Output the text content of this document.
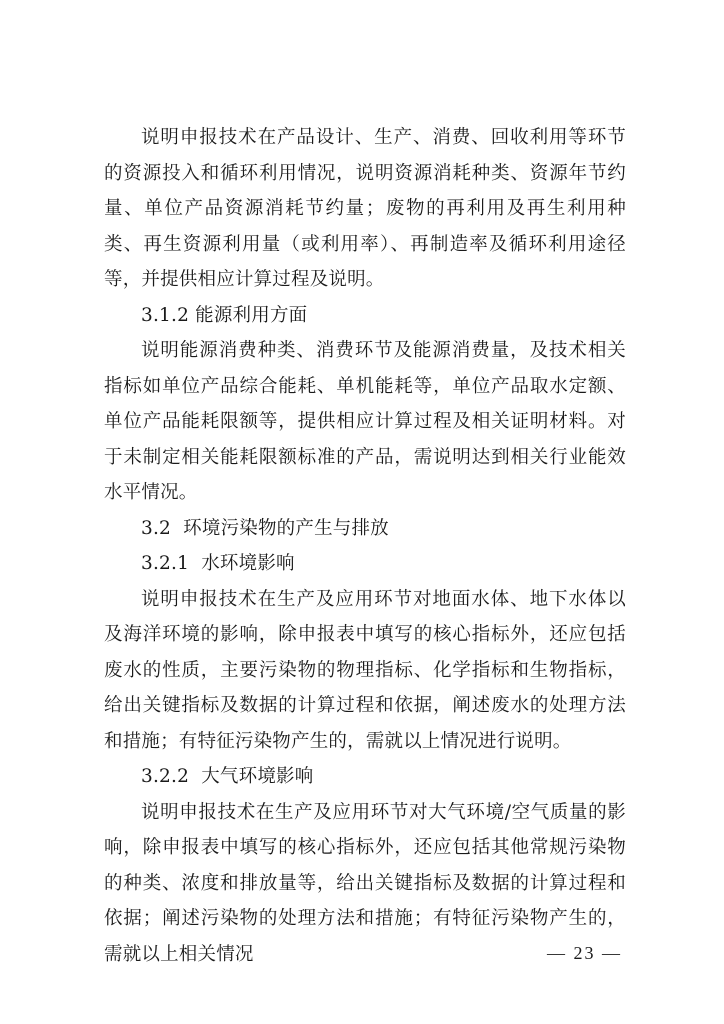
说明申报技术在产品设计、生产、消费、回收利用等环节的资源投入和循环利用情况，说明资源消耗种类、资源年节约量、单位产品资源消耗节约量；废物的再利用及再生利用种类、再生资源利用量（或利用率）、再制造率及循环利用途径等，并提供相应计算过程及说明。

3.1.2 能源利用方面

说明能源消费种类、消费环节及能源消费量，及技术相关指标如单位产品综合能耗、单机能耗等，单位产品取水定额、单位产品能耗限额等，提供相应计算过程及相关证明材料。对于未制定相关能耗限额标准的产品，需说明达到相关行业能效水平情况。

3.2  环境污染物的产生与排放

3.2.1  水环境影响

说明申报技术在生产及应用环节对地面水体、地下水体以及海洋环境的影响，除申报表中填写的核心指标外，还应包括废水的性质，主要污染物的物理指标、化学指标和生物指标，给出关键指标及数据的计算过程和依据，阐述废水的处理方法和措施；有特征污染物产生的，需就以上情况进行说明。

3.2.2  大气环境影响

说明申报技术在生产及应用环节对大气环境/空气质量的影响，除申报表中填写的核心指标外，还应包括其他常规污染物的种类、浓度和排放量等，给出关键指标及数据的计算过程和依据；阐述污染物的处理方法和措施；有特征污染物产生的，需就以上相关情况	— 23 —
